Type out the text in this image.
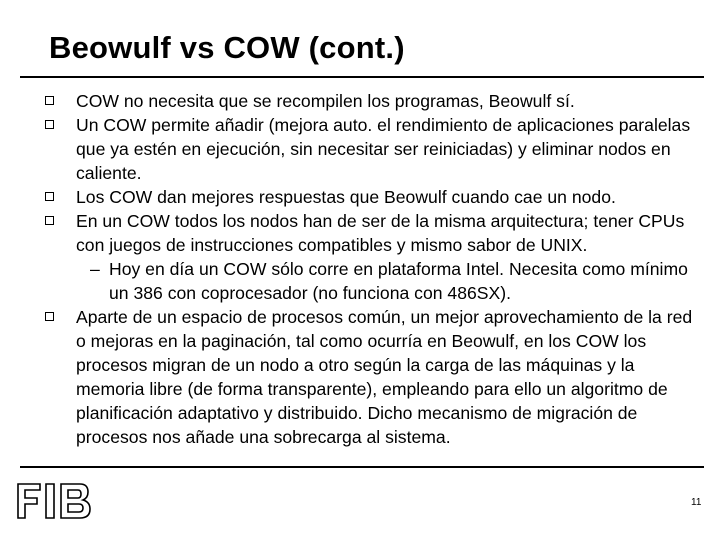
Beowulf vs COW (cont.)
COW no necesita que se recompilen los programas, Beowulf sí.
Un COW permite añadir (mejora auto. el rendimiento de aplicaciones paralelas que ya estén en ejecución, sin necesitar ser reiniciadas) y eliminar nodos en caliente.
Los COW dan mejores respuestas que Beowulf cuando cae un nodo.
En un COW todos los nodos han de ser de la misma arquitectura; tener CPUs con juegos de instrucciones compatibles y mismo sabor de UNIX.
– Hoy en día un COW sólo corre en plataforma Intel. Necesita como mínimo un 386 con coprocesador (no funciona con 486SX).
Aparte de un espacio de procesos común, un mejor aprovechamiento de la red o mejoras en la paginación, tal como ocurría en Beowulf, en los COW los procesos migran de un nodo a otro según la carga de las máquinas y la memoria libre (de forma transparente), empleando para ello un algoritmo de planificación adaptativo y distribuido. Dicho mecanismo de migración de procesos nos añade una sobrecarga al sistema.
11
